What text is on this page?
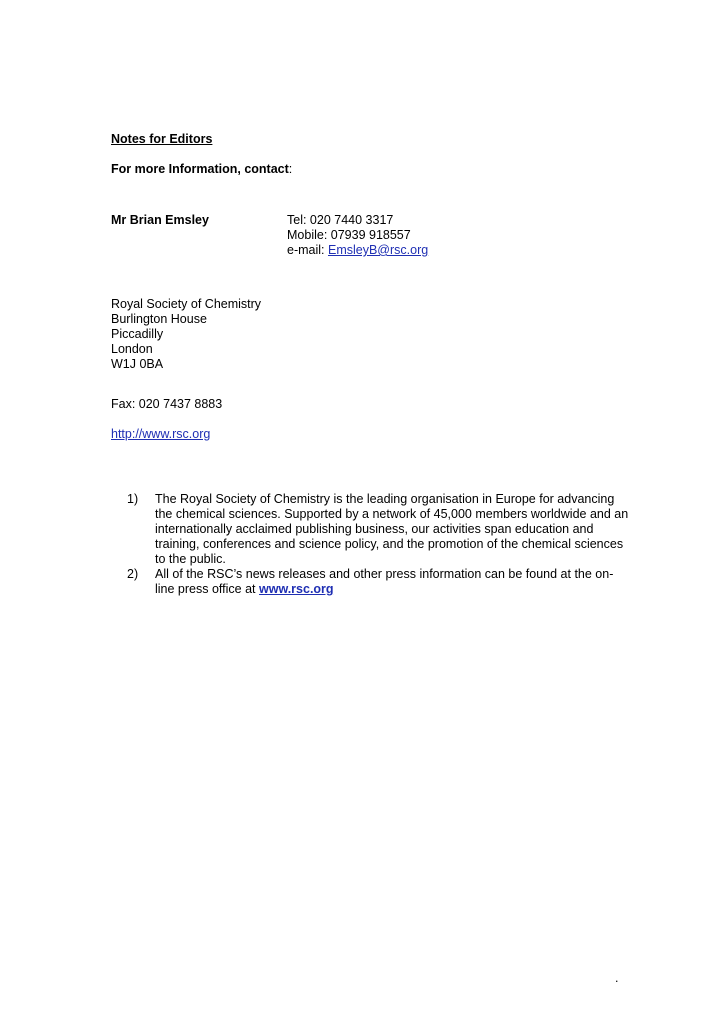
Notes for Editors
For more Information, contact:
Mr Brian Emsley	Tel: 020 7440 3317
Mobile: 07939 918557
e-mail: EmsleyB@rsc.org
Royal Society of Chemistry
Burlington House
Piccadilly
London
W1J 0BA
Fax: 020 7437 8883
http://www.rsc.org
1) The Royal Society of Chemistry is the leading organisation in Europe for advancing
the chemical sciences. Supported by a network of 45,000 members worldwide and an
internationally acclaimed publishing business, our activities span education and
training, conferences and science policy, and the promotion of the chemical sciences
to the public.
2) All of the RSC’s news releases and other press information can be found at the on-
line press office at www.rsc.org
.
